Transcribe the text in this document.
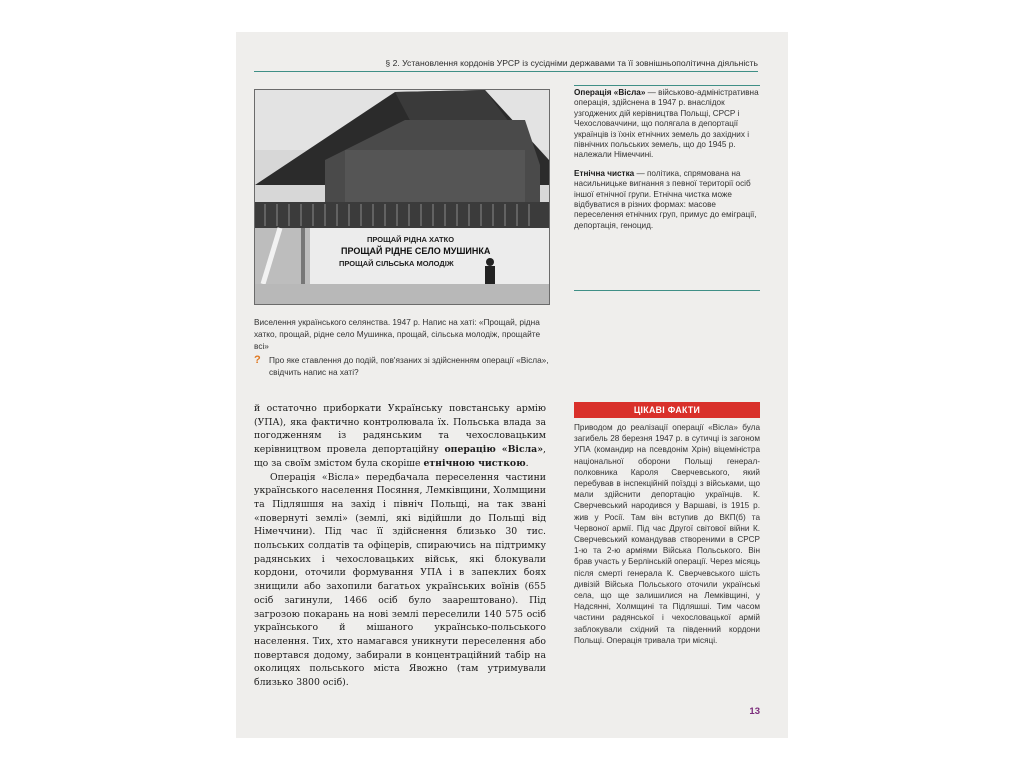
§ 2. Установлення кордонів УРСР із сусідніми державами та її зовнішньополітична діяльність
ПРОЩАЙ РІДНА ХАТКО
ПРОЩАЙ РІДНЕ СЕЛО МУШИНКА
ПРОЩАЙ СІЛЬСЬКА МОЛОДІЖ
Виселення українського селянства. 1947 р. Напис на хаті: «Прощай, рідна хатко, прощай, рідне село Мушинка, прощай, сільська молодіж, прощайте всі»
? Про яке ставлення до подій, пов'язаних зі здійсненням операції «Вісла», свідчить напис на хаті?

Операція «Вісла» — військово-адміністративна операція, здійснена в 1947 р. внаслідок узгоджених дій керівництва Польщі, СРСР і Чехословаччини, що полягала в депортації українців із їхніх етнічних земель до західних і північних польських земель, що до 1945 р. належали Німеччині.

Етнічна чистка — політика, спрямована на насильницьке вигнання з певної території осіб іншої етнічної групи. Етнічна чистка може відбуватися в різних формах: масове переселення етнічних груп, примус до еміграції, депортація, геноцид.

й остаточно приборкати Українську повстанську армію (УПА), яка фактично контролювала їх. Польська влада за погодженням із радянським та чехословацьким керівництвом провела депортаційну операцію «Вісла», що за своїм змістом була скоріше етнічною чисткою.

Операція «Вісла» передбачала переселення частини українського населення Посяння, Лемківщини, Холмщини та Підляшшя на захід і північ Польщі, на так звані «повернуті землі» (землі, які відійшли до Польщі від Німеччини). Під час її здійснення близько 30 тис. польських солдатів та офіцерів, спираючись на підтримку радянських і чехословацьких військ, які блокували кордони, оточили формування УПА і в запеклих боях знищили або захопили багатьох українських воїнів (655 осіб загинули, 1466 осіб було заарештовано). Під загрозою покарань на нові землі переселили 140 575 осіб українського й мішаного українсько-польського населення. Тих, хто намагався уникнути переселення або повертався додому, забирали в концентраційний табір на околицях польського міста Явожно (там утримували близько 3800 осіб).

ЦІКАВІ ФАКТИ
Приводом до реалізації операції «Вісла» була загибель 28 березня 1947 р. в сутичці із загоном УПА (командир на псевдонім Хрін) віцеміністра національної оборони Польщі генерал-полковника Кароля Сверчевського, який перебував в інспекційній поїздці з військами, що мали здійснити депортацію українців. К. Сверчевський народився у Варшаві, із 1915 р. жив у Росії. Там він вступив до ВКП(б) та Червоної армії. Під час Другої світової війни К. Сверчевський командував створеними в СРСР 1-ю та 2-ю арміями Війська Польського. Він брав участь у Берлінській операції. Через місяць після смерті генерала К. Сверчевського шість дивізій Війська Польського оточили українські села, що ще залишилися на Лемківщині, у Надсянні, Холмщині та Підляшші. Тим часом частини радянської і чехословацької армій заблокували східний та південний кордони Польщі. Операція тривала три місяці.
13
